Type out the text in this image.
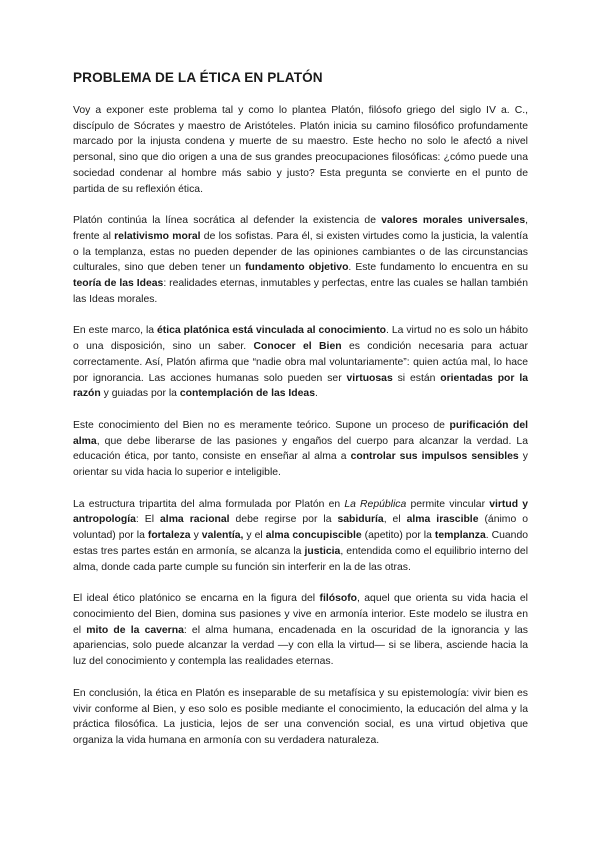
PROBLEMA DE LA ÉTICA EN PLATÓN

Voy a exponer este problema tal y como lo plantea Platón, filósofo griego del siglo IV a. C., discípulo de Sócrates y maestro de Aristóteles. Platón inicia su camino filosófico profundamente marcado por la injusta condena y muerte de su maestro. Este hecho no solo le afectó a nivel personal, sino que dio origen a una de sus grandes preocupaciones filosóficas: ¿cómo puede una sociedad condenar al hombre más sabio y justo? Esta pregunta se convierte en el punto de partida de su reflexión ética.

Platón continúa la línea socrática al defender la existencia de valores morales universales, frente al relativismo moral de los sofistas. Para él, si existen virtudes como la justicia, la valentía o la templanza, estas no pueden depender de las opiniones cambiantes o de las circunstancias culturales, sino que deben tener un fundamento objetivo. Este fundamento lo encuentra en su teoría de las Ideas: realidades eternas, inmutables y perfectas, entre las cuales se hallan también las Ideas morales.

En este marco, la ética platónica está vinculada al conocimiento. La virtud no es solo un hábito o una disposición, sino un saber. Conocer el Bien es condición necesaria para actuar correctamente. Así, Platón afirma que “nadie obra mal voluntariamente”: quien actúa mal, lo hace por ignorancia. Las acciones humanas solo pueden ser virtuosas si están orientadas por la razón y guiadas por la contemplación de las Ideas.

Este conocimiento del Bien no es meramente teórico. Supone un proceso de purificación del alma, que debe liberarse de las pasiones y engaños del cuerpo para alcanzar la verdad. La educación ética, por tanto, consiste en enseñar al alma a controlar sus impulsos sensibles y orientar su vida hacia lo superior e inteligible.

La estructura tripartita del alma formulada por Platón en La República permite vincular virtud y antropología: El alma racional debe regirse por la sabiduría, el alma irascible (ánimo o voluntad) por la fortaleza y valentía, y el alma concupiscible (apetito) por la templanza. Cuando estas tres partes están en armonía, se alcanza la justicia, entendida como el equilibrio interno del alma, donde cada parte cumple su función sin interferir en la de las otras.

El ideal ético platónico se encarna en la figura del filósofo, aquel que orienta su vida hacia el conocimiento del Bien, domina sus pasiones y vive en armonía interior. Este modelo se ilustra en el mito de la caverna: el alma humana, encadenada en la oscuridad de la ignorancia y las apariencias, solo puede alcanzar la verdad —y con ella la virtud— si se libera, asciende hacia la luz del conocimiento y contempla las realidades eternas.

En conclusión, la ética en Platón es inseparable de su metafísica y su epistemología: vivir bien es vivir conforme al Bien, y eso solo es posible mediante el conocimiento, la educación del alma y la práctica filosófica. La justicia, lejos de ser una convención social, es una virtud objetiva que organiza la vida humana en armonía con su verdadera naturaleza.
